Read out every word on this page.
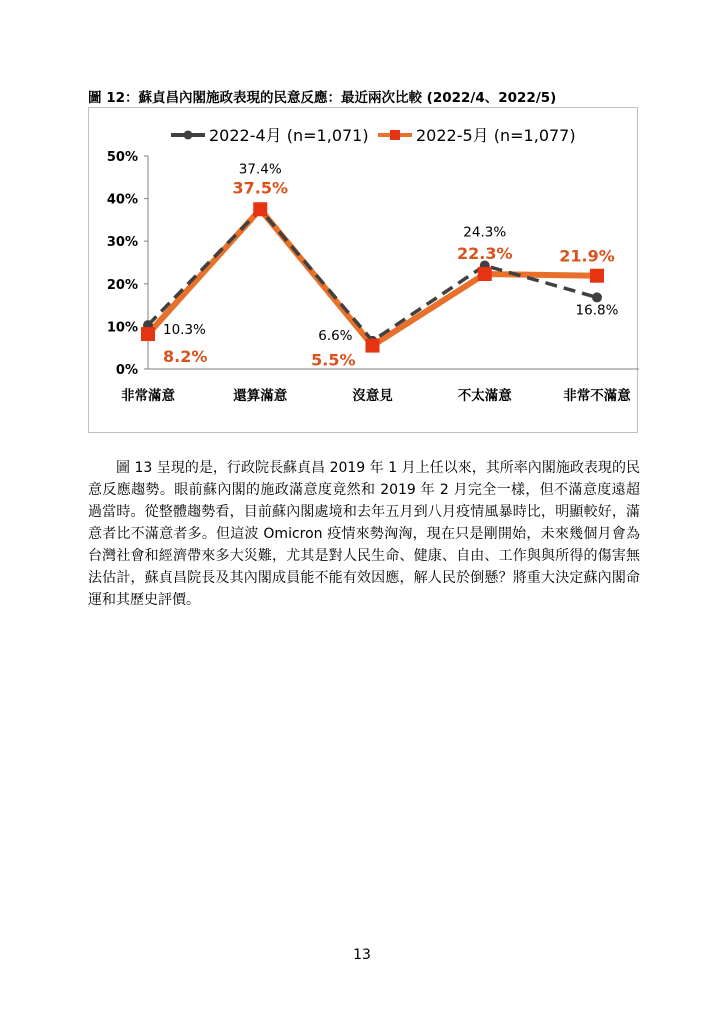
圖 12：蘇貞昌內閣施政表現的民意反應：最近兩次比較 (2022/4、2022/5)
0%
10%
20%
30%
40%
50%
非常滿意	還算滿意	沒意見	不太滿意	非常不滿意
2022-4月 (n=1,071)	2022-5月 (n=1,077)
10.3%
37.4%
6.6%
24.3%
16.8%
8.2%
37.5%
5.5%
22.3%	21.9%

圖 13 呈現的是，行政院長蘇貞昌 2019 年 1 月上任以來，其所率內閣施政表現的民意反應趨勢。眼前蘇內閣的施政滿意度竟然和 2019 年 2 月完全一樣，但不滿意度遠超過當時。從整體趨勢看，目前蘇內閣處境和去年五月到八月疫情風暴時比，明顯較好，滿意者比不滿意者多。但這波 Omicron 疫情來勢洶洶，現在只是剛開始，未來幾個月會為台灣社會和經濟帶來多大災難，尤其是對人民生命、健康、自由、工作與與所得的傷害無法估計，蘇貞昌院長及其內閣成員能不能有效因應，解人民於倒懸？將重大決定蘇內閣命運和其歷史評價。

13
